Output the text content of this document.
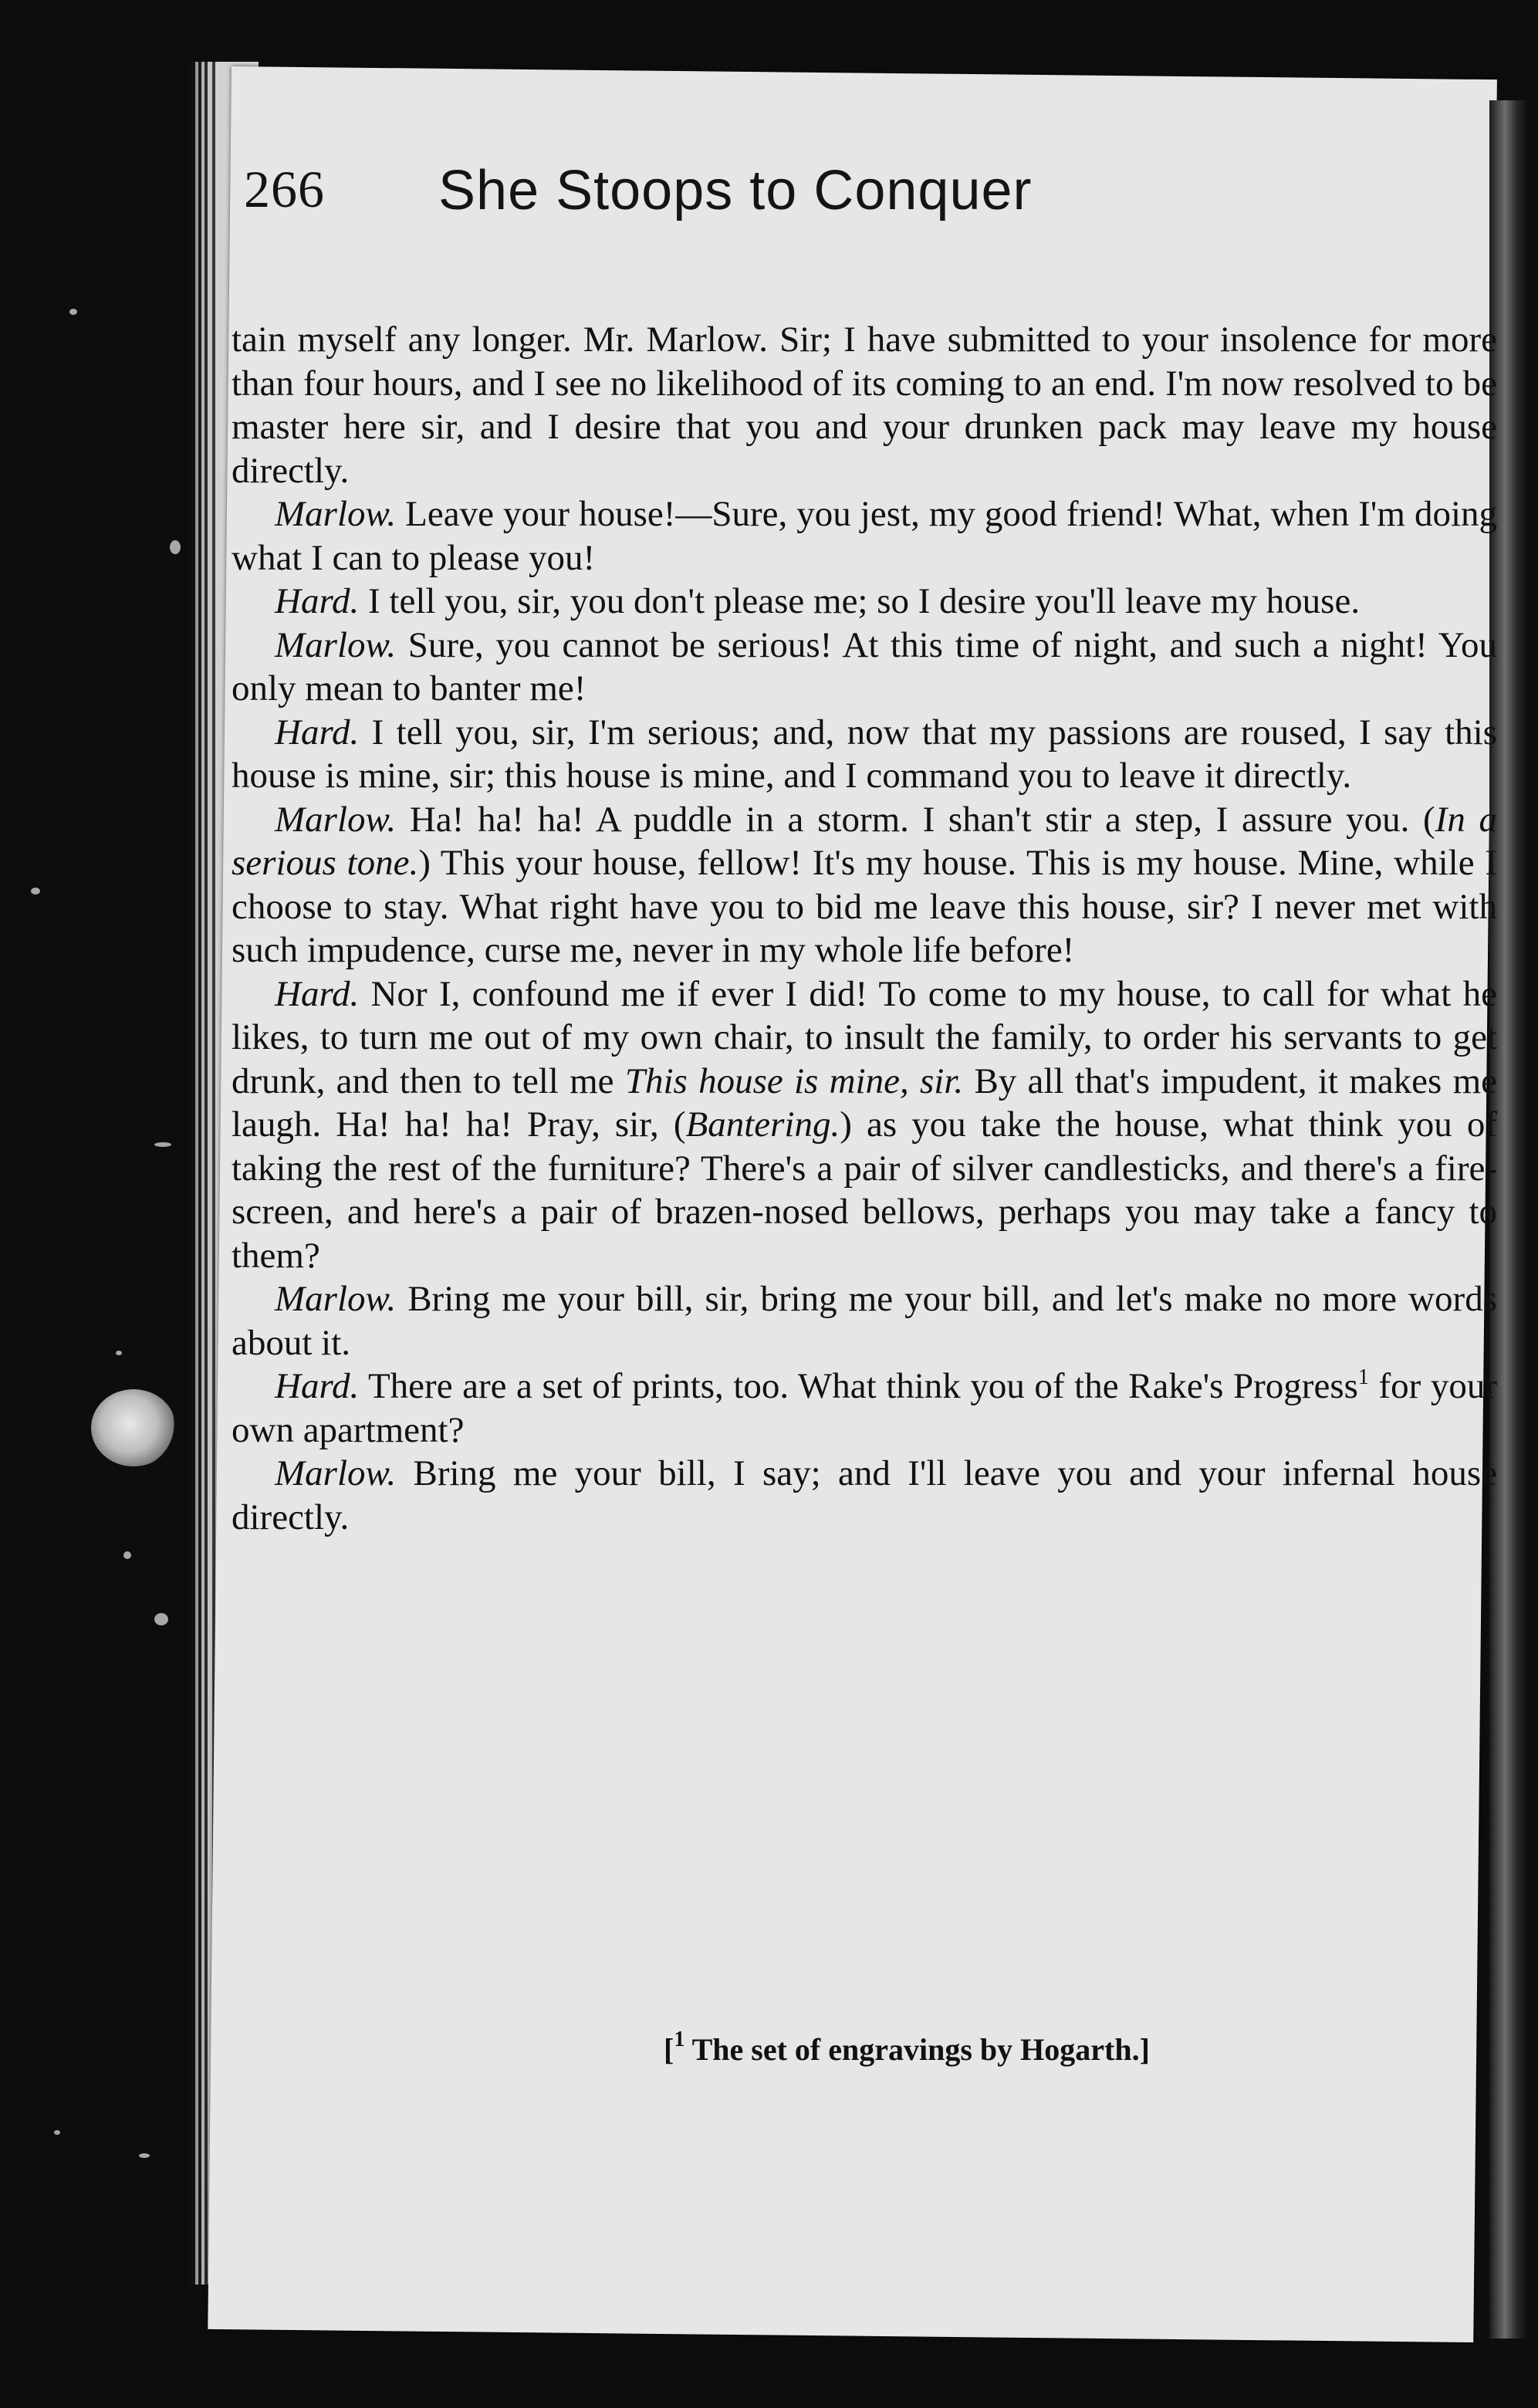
266 She Stoops to Conquer

tain myself any longer. Mr. Marlow. Sir; I have submitted to your insolence for more than four hours, and I see no likelihood of its coming to an end. I'm now resolved to be master here sir, and I desire that you and your drunken pack may leave my house directly.

Marlow. Leave your house!—Sure, you jest, my good friend! What, when I'm doing what I can to please you!

Hard. I tell you, sir, you don't please me; so I desire you'll leave my house.

Marlow. Sure, you cannot be serious! At this time of night, and such a night! You only mean to banter me!

Hard. I tell you, sir, I'm serious; and, now that my passions are roused, I say this house is mine, sir; this house is mine, and I command you to leave it directly.

Marlow. Ha! ha! ha! A puddle in a storm. I shan't stir a step, I assure you. (In a serious tone.) This your house, fellow! It's my house. This is my house. Mine, while I choose to stay. What right have you to bid me leave this house, sir? I never met with such impudence, curse me, never in my whole life before!

Hard. Nor I, confound me if ever I did! To come to my house, to call for what he likes, to turn me out of my own chair, to insult the family, to order his servants to get drunk, and then to tell me This house is mine, sir. By all that's impudent, it makes me laugh. Ha! ha! ha! Pray, sir, (Bantering.) as you take the house, what think you of taking the rest of the furniture? There's a pair of silver candlesticks, and there's a fire-screen, and here's a pair of brazen-nosed bellows, perhaps you may take a fancy to them?

Marlow. Bring me your bill, sir, bring me your bill, and let's make no more words about it.

Hard. There are a set of prints, too. What think you of the Rake's Progress$^1$ for your own apartment?

Marlow. Bring me your bill, I say; and I'll leave you and your infernal house directly.

[$^1$ The set of engravings by Hogarth.]
